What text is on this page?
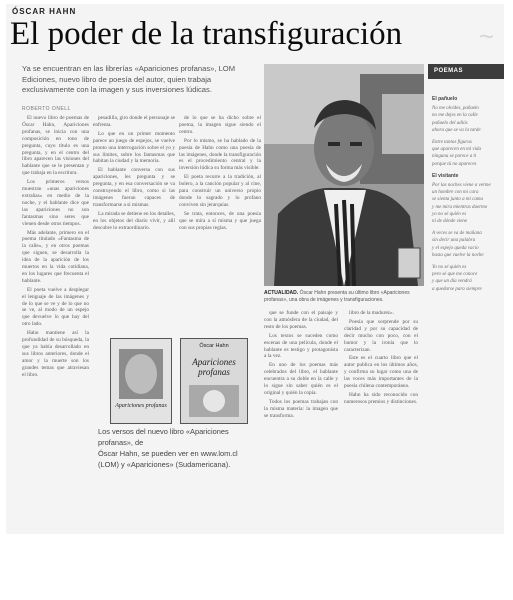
ÓSCAR HAHN
El poder de la transfiguración	~
Ya se encuentran en las librerías «Apariciones profanas», LOM Ediciones, nuevo libro de poesía del autor, quien trabaja exclusivamente con la imagen y sus inversiones lúdicas.
ROBERTO ONELL

El nuevo libro de poemas de Óscar Hahn, Apariciones profanas, se inicia con una composición en tono de pregunta, cuyo título es una pregunta, y en el centro del libro aparecen las visiones del hablante que se le presentan y que trabaja en la escritura.

Los primeros versos muestran «unas apariciones extrañas» en medio de la noche, y el hablante dice que las apariciones no son fantasmas sino seres que vienen desde otros tiempos.

Más adelante, primero en el poema titulado «Fantasma de la calle», y en otros poemas que siguen, se desarrolla la idea de la aparición de los muertos en la vida cotidiana, en los lugares que frecuenta el hablante.

El poeta vuelve a desplegar el lenguaje de las imágenes y de lo que se ve y de lo que no se ve, al modo de un espejo que devuelve lo que hay del otro lado.

Hahn mantiene así la profundidad de su búsqueda, la que ya había desarrollado en sus libros anteriores, donde el amor y la muerte son los grandes temas que atraviesan el libro.

pesadilla, giro donde el personaje se enfrenta.

Lo que en un primer momento parece un juego de espejos, se vuelve pronto una interrogación sobre el yo y sus límites, sobre los fantasmas que habitan la ciudad y la memoria.

El hablante conversa con sus apariciones, les pregunta y se pregunta, y en esa conversación se va construyendo el libro, como si las imágenes fueran capaces de transformarse a sí mismas.

La mirada se detiene en los detalles, en los objetos del diario vivir, y allí descubre lo extraordinario.

de lo que se ha dicho sobre el poema, la imagen sigue siendo el centro.

Por lo mismo, se ha hablado de la poesía de Hahn como una poesía de las imágenes, donde la transfiguración es el procedimiento central y la inversión lúdica su forma más visible.

El poeta recurre a la tradición, al bolero, a la canción popular y al cine, para construir un universo propio donde lo sagrado y lo profano conviven sin jerarquías.

Se trata, entonces, de una poesía que se mira a sí misma y que juega con sus propias reglas.

ACTUALIDAD. Óscar Hahn presenta su último libro «Apariciones profanas», una obra de imágenes y transfiguraciones.
Apariciones profanas
Óscar Hahn
Apariciones profanas
Los versos del nuevo libro «Apariciones profanas», de
Óscar Hahn, se pueden ver en www.lom.cl
(LOM) y «Apariciones» (Sudamericana).

que se funde con el paisaje y con la atmósfera de la ciudad, del resto de los poemas.

Los textos se suceden como escenas de una película, donde el hablante es testigo y protagonista a la vez.

En uno de los poemas más celebrados del libro, el hablante encuentra a su doble en la calle y lo sigue sin saber quién es el original y quién la copia.

Todos los poemas trabajan con la misma materia: la imagen que se transforma.

libro de la madurez».

Poesía que sorprende por su claridad y por su capacidad de decir mucho con poco, con el humor y la ironía que lo caracterizan.

Este es el cuarto libro que el autor publica en los últimos años, y confirma su lugar como una de las voces más importantes de la poesía chilena contemporánea.

Hahn ha sido reconocido con numerosos premios y distinciones.

POEMAS
El pañuelo
No me olvides, pañuelo
no me dejes en la calle
pañuelo del adiós
ahora que se va la tarde
Entre tantas figuras
que aparecen en mi vida
ninguna se parece a ti
porque tú no apareces
El visitante
Por las noches viene a verme
un hombre con mi cara
se sienta junto a mi cama
y me mira mientras duermo
yo no sé quién es
ni de dónde viene
A veces se va de mañana
sin decir una palabra
y el espejo queda vacío
hasta que vuelve la noche
Yo no sé quién es
pero sé que me conoce
y que un día vendrá
a quedarse para siempre
